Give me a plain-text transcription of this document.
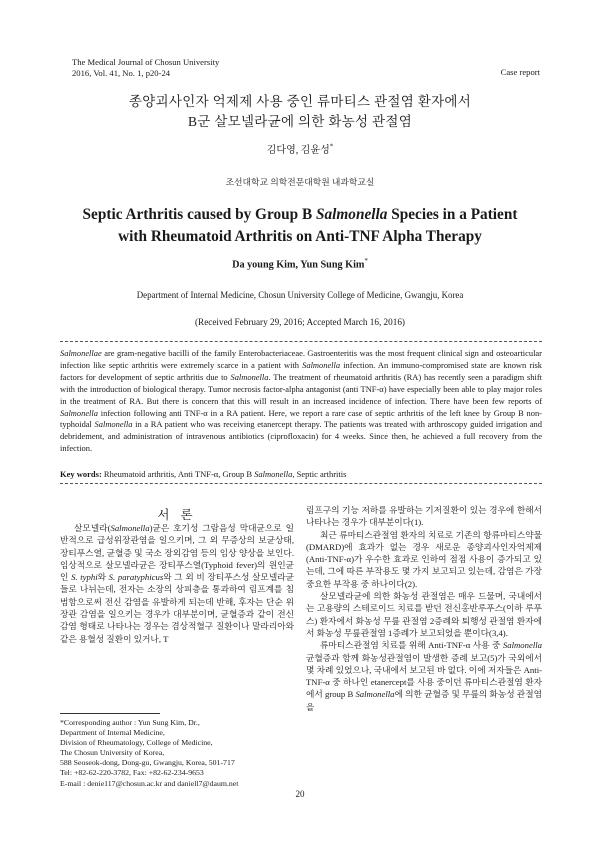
The Medical Journal of Chosun University
2016, Vol. 41, No. 1, p20-24	Case report
종양괴사인자 억제제 사용 중인 류마티스 관절염 환자에서
B군 살모넬라균에 의한 화농성 관절염
김다영, 김윤성*
조선대학교 의학전문대학원 내과학교실
Septic Arthritis caused by Group B Salmonella Species in a Patient
with Rheumatoid Arthritis on Anti-TNF Alpha Therapy
Da young Kim, Yun Sung Kim*
Department of Internal Medicine, Chosun University College of Medicine, Gwangju, Korea
(Received February 29, 2016; Accepted March 16, 2016)
Salmonellae are gram-negative bacilli of the family Enterobacteriaceae. Gastroenteritis was the most frequent clinical sign and osteoarticular infection like septic arthritis were extremely scarce in a patient with Salmonella infection. An immuno-compromised state are known risk factors for development of septic arthritis due to Salmonella. The treatment of rheumatoid arthritis (RA) has recently seen a paradigm shift with the introduction of biological therapy. Tumor necrosis factor-alpha antagonist (anti TNF-α) have especially been able to play major roles in the treatment of RA. But there is concern that this will result in an increased incidence of infection. There have been few reports of Salmonella infection following anti TNF-α in a RA patient. Here, we report a rare case of septic arthritis of the left knee by Group B non-typhoidal Salmonella in a RA patient who was receiving etanercept therapy. The patients was treated with arthroscopy guided irrigation and debridement, and administration of intravenous antibiotics (ciprofloxacin) for 4 weeks. Since then, he achieved a full recovery from the infection.
Key words: Rheumatoid arthritis, Anti TNF-α, Group B Salmonella, Septic arthritis
서 론

살모넬라(Salmonella)균은 호기성 그람음성 막대균으로 일반적으로 급성위장관염을 일으키며, 그 외 무증상의 보균상태, 장티푸스열, 균혈증 및 국소 장외감염 등의 임상 양상을 보인다. 임상적으로 살모넬라균은 장티푸스열(Typhoid fever)의 원인균인 S. typhi와 S. paratyphicus와 그 외 비 장티푸스성 살모넬라균들로 나뉘는데, 전자는 소장의 상피층을 통과하여 림프계를 침범함으로써 전신 감염을 유발하게 되는데 반해, 후자는 단순 위장관 감염을 일으키는 경우가 대부분이며, 균혈증과 같이 전신감염 형태로 나타나는 경우는 겸상적혈구 질환이나 말라리아와 같은 용혈성 질환이 있거나, T

*Corresponding author : Yun Sung Kim, Dr.,
Department of Internal Medicine,
Division of Rheumatology, College of Medicine,
The Chosun University of Korea,
588 Seoseok-dong, Dong-gu, Gwangju, Korea, 501-717
Tel: +82-62-220-3782, Fax: +82-62-234-9653
E-mail : denie117@chosun.ac.kr and daniell7@daum.net

림프구의 기능 저하를 유발하는 기저질환이 있는 경우에 한해서 나타나는 경우가 대부분이다(1).

최근 류마티스관절염 환자의 치료로 기존의 항류마티스약물(DMARD)에 효과가 없는 경우 새로운 종양괴사인자억제제(Anti-TNF-α)가 우수한 효과로 인하여 점점 사용이 증가되고 있는데, 그에 따른 부작용도 몇 가지 보고되고 있는데, 감염은 가장 중요한 부작용 중 하나이다(2).

살모넬라균에 의한 화농성 관절염은 매우 드물며, 국내에서는 고용량의 스테로이드 치료를 받던 전신홍반루푸스(이하 루푸스) 환자에서 화농성 무릎 관절염 2증례와 퇴행성 관절염 환자에서 화농성 무릎관절염 1증례가 보고되었을 뿐이다(3,4).

류마티스관절염 치료를 위해 Anti-TNF-α 사용 중 Salmonella 균혈증과 함께 화농성관절염이 발생한 증례 보고(5)가 국외에서 몇 차례 있었으나, 국내에서 보고된 바 없다. 이에 저자들은 Anti-TNF-α 중 하나인 etanercept를 사용 중이던 류마티스관절염 환자에서 group B Salmonella에 의한 균혈증 및 무릎의 화농성 관절염을

20
